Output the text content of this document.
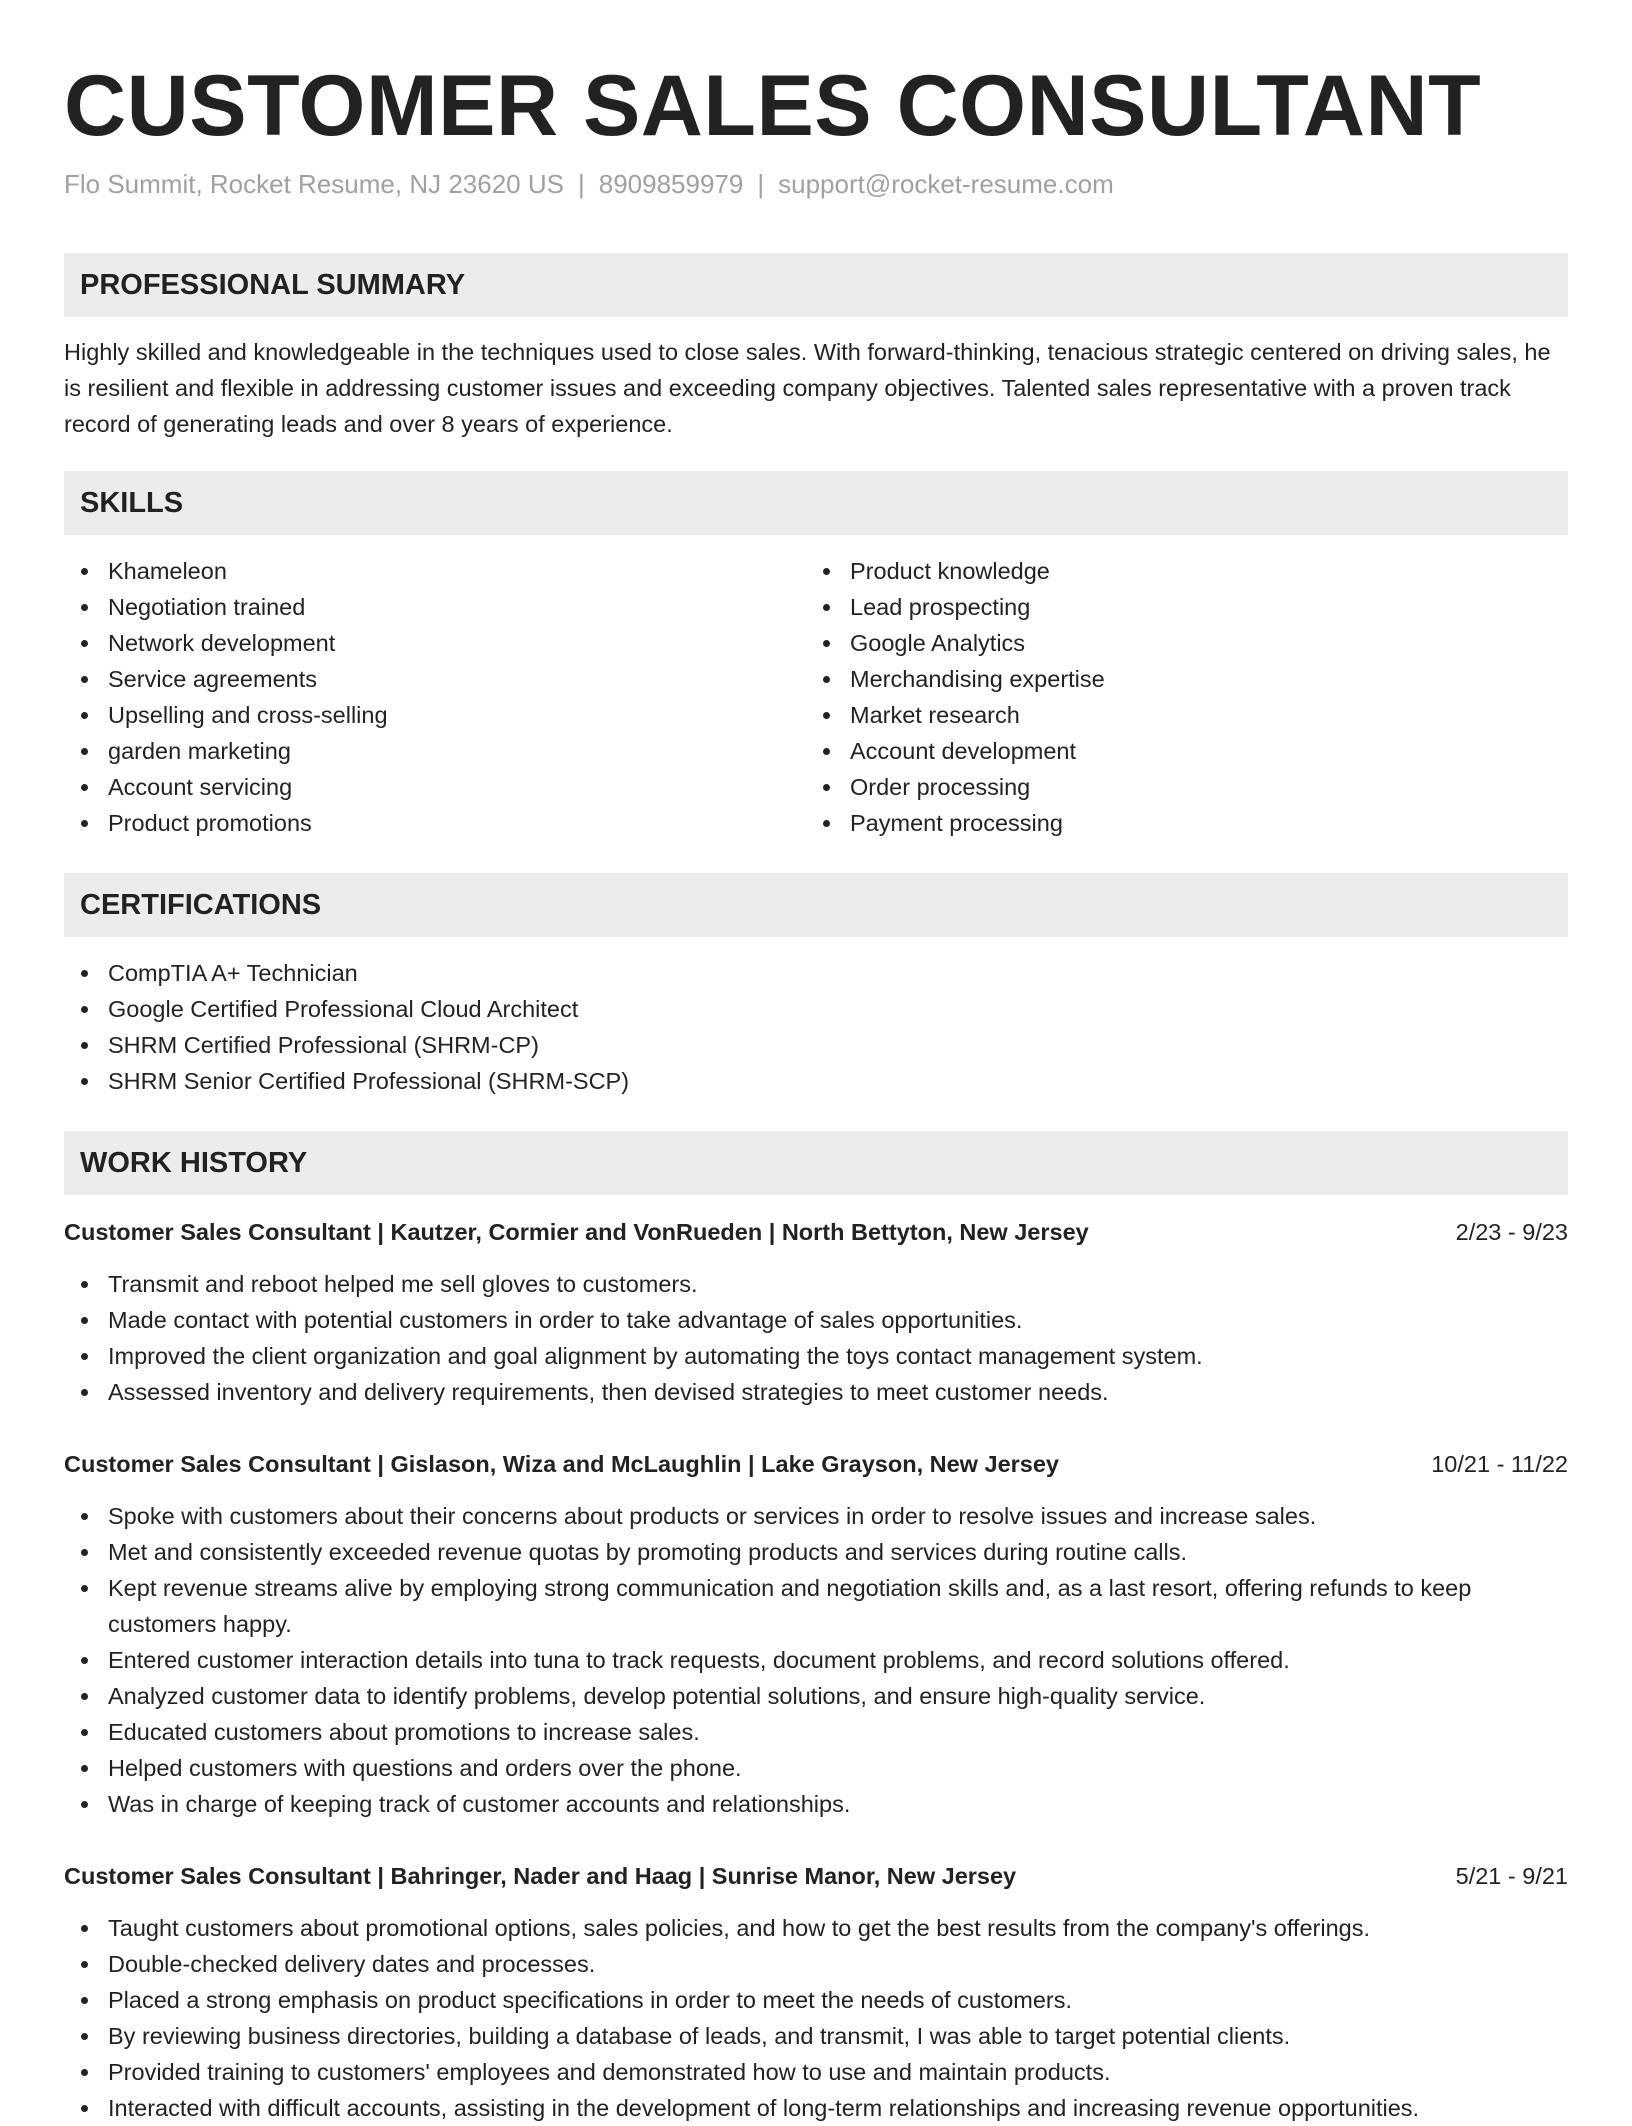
CUSTOMER SALES CONSULTANT
Flo Summit, Rocket Resume, NJ 23620 US | 8909859979 | support@rocket-resume.com
PROFESSIONAL SUMMARY

Highly skilled and knowledgeable in the techniques used to close sales. With forward-thinking, tenacious strategic centered on driving sales, he is resilient and flexible in addressing customer issues and exceeding company objectives. Talented sales representative with a proven track record of generating leads and over 8 years of experience.

SKILLS
Khameleon
Negotiation trained
Network development
Service agreements
Upselling and cross-selling
garden marketing
Account servicing
Product promotions
Product knowledge
Lead prospecting
Google Analytics
Merchandising expertise
Market research
Account development
Order processing
Payment processing
CERTIFICATIONS
CompTIA A+ Technician
Google Certified Professional Cloud Architect
SHRM Certified Professional (SHRM-CP)
SHRM Senior Certified Professional (SHRM-SCP)
WORK HISTORY
Customer Sales Consultant | Kautzer, Cormier and VonRueden | North Bettyton, New Jersey	2/23 - 9/23
Transmit and reboot helped me sell gloves to customers.
Made contact with potential customers in order to take advantage of sales opportunities.
Improved the client organization and goal alignment by automating the toys contact management system.
Assessed inventory and delivery requirements, then devised strategies to meet customer needs.
Customer Sales Consultant | Gislason, Wiza and McLaughlin | Lake Grayson, New Jersey	10/21 - 11/22
Spoke with customers about their concerns about products or services in order to resolve issues and increase sales.
Met and consistently exceeded revenue quotas by promoting products and services during routine calls.
Kept revenue streams alive by employing strong communication and negotiation skills and, as a last resort, offering refunds to keep customers happy.
Entered customer interaction details into tuna to track requests, document problems, and record solutions offered.
Analyzed customer data to identify problems, develop potential solutions, and ensure high-quality service.
Educated customers about promotions to increase sales.
Helped customers with questions and orders over the phone.
Was in charge of keeping track of customer accounts and relationships.
Customer Sales Consultant | Bahringer, Nader and Haag | Sunrise Manor, New Jersey	5/21 - 9/21
Taught customers about promotional options, sales policies, and how to get the best results from the company's offerings.
Double-checked delivery dates and processes.
Placed a strong emphasis on product specifications in order to meet the needs of customers.
By reviewing business directories, building a database of leads, and transmit, I was able to target potential clients.
Provided training to customers' employees and demonstrated how to use and maintain products.
Interacted with difficult accounts, assisting in the development of long-term relationships and increasing revenue opportunities.
